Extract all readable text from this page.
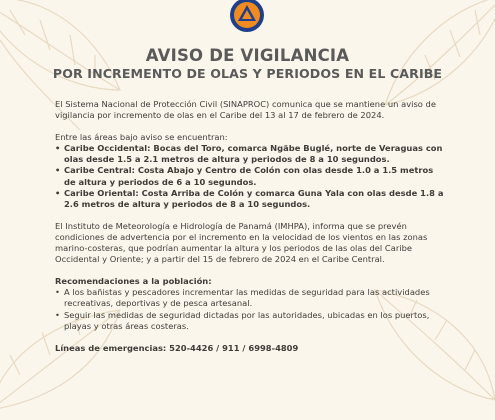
AVISO DE VIGILANCIA
POR INCREMENTO DE OLAS Y PERIODOS EN EL CARIBE

El Sistema Nacional de Protección Civil (SINAPROC) comunica que se mantiene un aviso de vigilancia por incremento de olas en el Caribe del 13 al 17 de febrero de 2024.

Entre las áreas bajo aviso se encuentran:

• Caribe Occidental: Bocas del Toro, comarca Ngäbe Buglé, norte de Veraguas con olas desde 1.5 a 2.1 metros de altura y periodos de 8 a 10 segundos.
• Caribe Central: Costa Abajo y Centro de Colón con olas desde 1.0 a 1.5 metros de altura y periodos de 6 a 10 segundos.
• Caribe Oriental: Costa Arriba de Colón y comarca Guna Yala con olas desde 1.8 a 2.6 metros de altura y periodos de 8 a 10 segundos.

El Instituto de Meteorología e Hidrología de Panamá (IMHPA), informa que se prevén condiciones de advertencia por el incremento en la velocidad de los vientos en las zonas marino-costeras, que podrían aumentar la altura y los periodos de las olas del Caribe Occidental y Oriente; y a partir del 15 de febrero de 2024 en el Caribe Central.

Recomendaciones a la población:

• A los bañistas y pescadores incrementar las medidas de seguridad para las actividades recreativas, deportivas y de pesca artesanal.
• Seguir las medidas de seguridad dictadas por las autoridades, ubicadas en los puertos, playas y otras áreas costeras.

Líneas de emergencias: 520-4426 / 911 / 6998-4809
